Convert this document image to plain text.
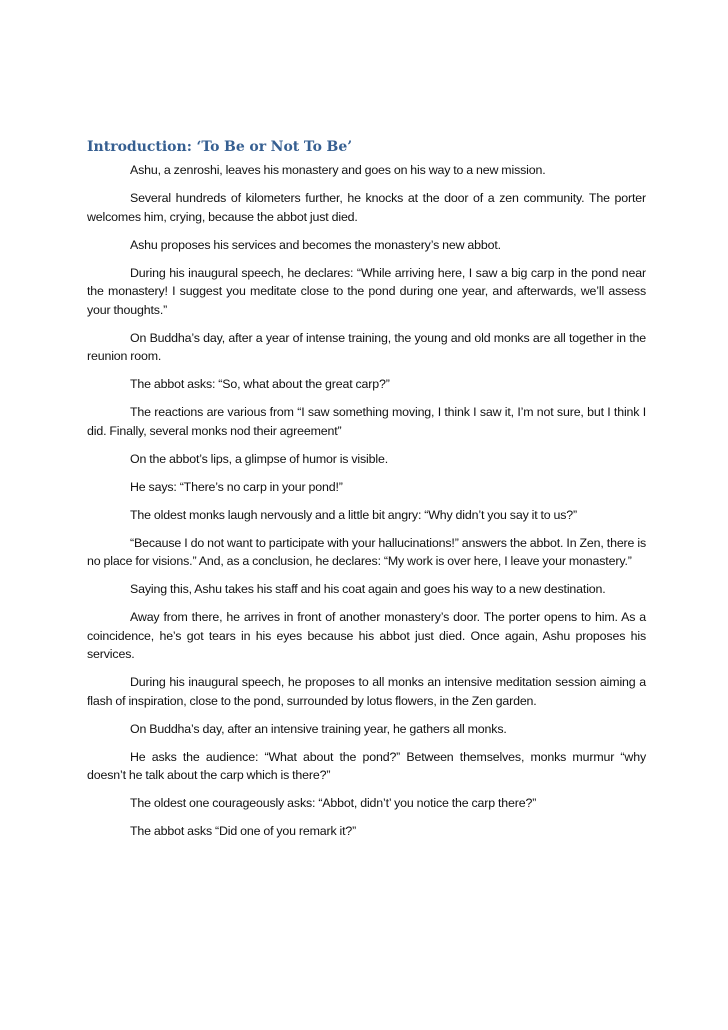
Introduction: ‘To Be or Not To Be’

Ashu, a zenroshi, leaves his monastery and goes on his way to a new mission.

Several hundreds of kilometers further, he knocks at the door of a zen community. The porter welcomes him, crying, because the abbot just died.

Ashu proposes his services and becomes the monastery’s new abbot.

During his inaugural speech, he declares: “While arriving here, I saw a big carp in the pond near the monastery! I suggest you meditate close to the pond during one year, and afterwards, we’ll assess your thoughts.”

On Buddha’s day, after a year of intense training, the young and old monks are all together in the reunion room.

The abbot asks: “So, what about the great carp?”

The reactions are various from “I saw something moving, I think I saw it, I’m not sure, but I think I did. Finally, several monks nod their agreement”

On the abbot’s lips, a glimpse of humor is visible.

He says: “There’s no carp in your pond!”

The oldest monks laugh nervously and a little bit angry: “Why didn’t you say it to us?”

“Because I do not want to participate with your hallucinations!” answers the abbot. In Zen, there is no place for visions.” And, as a conclusion, he declares: “My work is over here, I leave your monastery.”

Saying this, Ashu takes his staff and his coat again and goes his way to a new destination.

Away from there, he arrives in front of another monastery’s door. The porter opens to him. As a coincidence, he’s got tears in his eyes because his abbot just died. Once again, Ashu proposes his services.

During his inaugural speech, he proposes to all monks an intensive meditation session aiming a flash of inspiration, close to the pond, surrounded by lotus flowers, in the Zen garden.

On Buddha’s day, after an intensive training year, he gathers all monks.

He asks the audience: “What about the pond?” Between themselves, monks murmur “why doesn’t he talk about the carp which is there?”

The oldest one courageously asks: “Abbot, didn’t’ you notice the carp there?”

The abbot asks “Did one of you remark it?”
